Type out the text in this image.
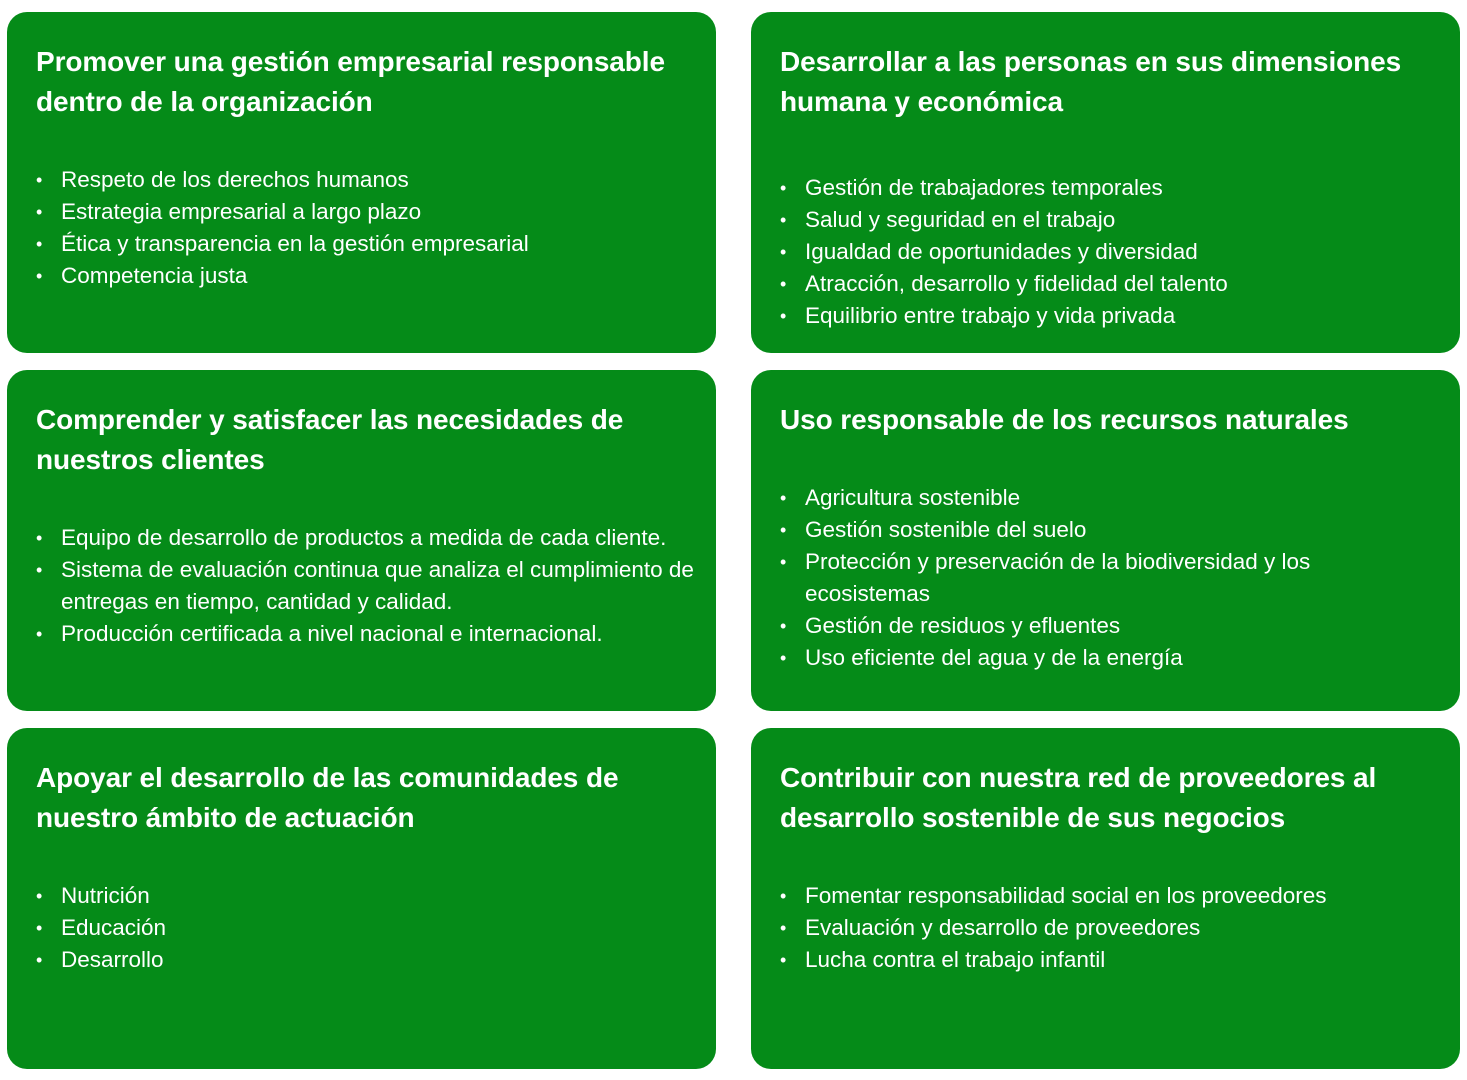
Promover una gestión empresarial responsable dentro de la organización
• Respeto de los derechos humanos
• Estrategia empresarial a largo plazo
• Ética y transparencia en la gestión empresarial
• Competencia justa
Desarrollar a las personas en sus dimensiones humana y económica
• Gestión de trabajadores temporales
• Salud y seguridad en el trabajo
• Igualdad de oportunidades y diversidad
• Atracción, desarrollo y fidelidad del talento
• Equilibrio entre trabajo y vida privada
Comprender y satisfacer las necesidades de nuestros clientes
• Equipo de desarrollo de productos a medida de cada cliente.
• Sistema de evaluación continua que analiza el cumplimiento de entregas en tiempo, cantidad y calidad.
• Producción certificada a nivel nacional e internacional.
Uso responsable de los recursos naturales
• Agricultura sostenible
• Gestión sostenible del suelo
• Protección y preservación de la biodiversidad y los ecosistemas
• Gestión de residuos y efluentes
• Uso eficiente del agua y de la energía
Apoyar el desarrollo de las comunidades de nuestro ámbito de actuación
• Nutrición
• Educación
• Desarrollo
Contribuir con nuestra red de proveedores al desarrollo sostenible de sus negocios
• Fomentar responsabilidad social en los proveedores
• Evaluación y desarrollo de proveedores
• Lucha contra el trabajo infantil
